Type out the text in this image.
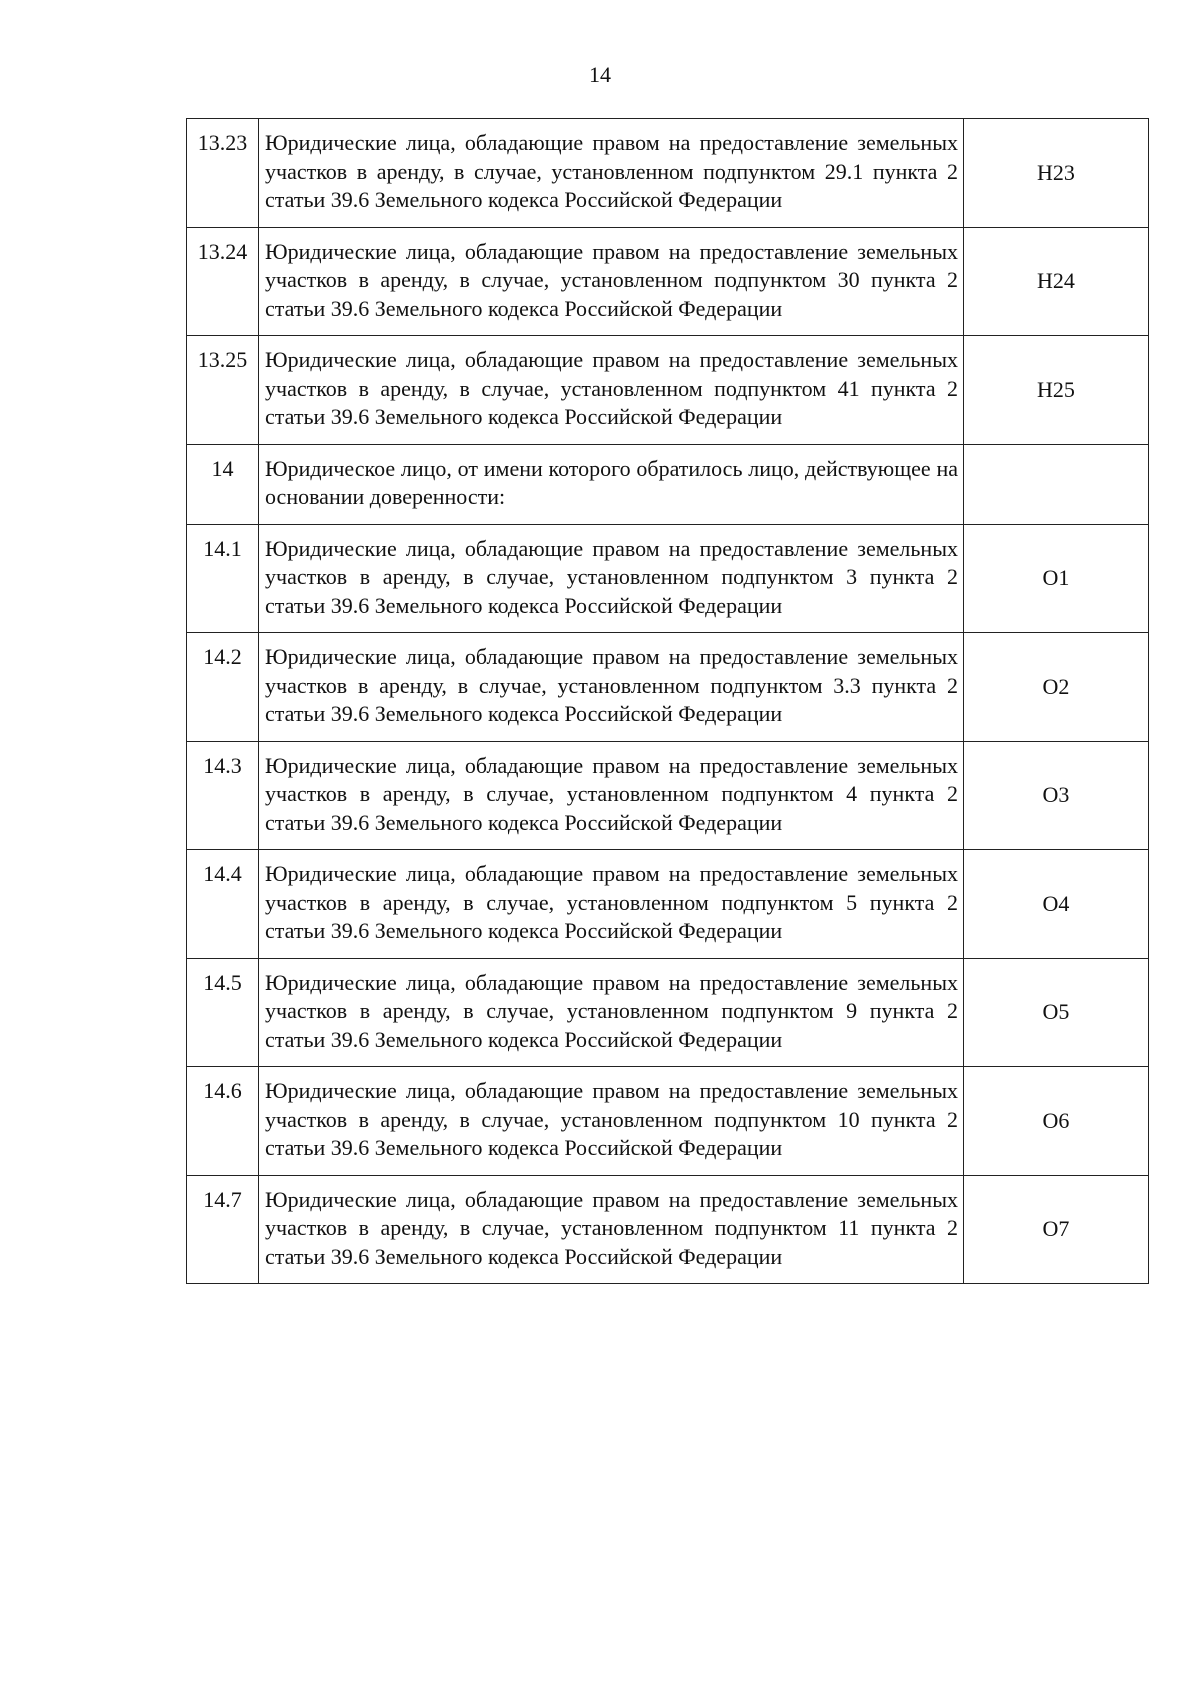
14
13.23	Юридические лица, обладающие правом на предоставление земельных участков в аренду, в случае, установленном подпунктом 29.1 пункта 2 статьи 39.6 Земельного кодекса Российской Федерации	Н23
13.24	Юридические лица, обладающие правом на предоставление земельных участков в аренду, в случае, установленном подпунктом 30 пункта 2 статьи 39.6 Земельного кодекса Российской Федерации	Н24
13.25	Юридические лица, обладающие правом на предоставление земельных участков в аренду, в случае, установленном подпунктом 41 пункта 2 статьи 39.6 Земельного кодекса Российской Федерации	Н25
14	Юридическое лицо, от имени которого обратилось лицо, действующее на основании доверенности:	
14.1	Юридические лица, обладающие правом на предоставление земельных участков в аренду, в случае, установленном подпунктом 3 пункта 2 статьи 39.6 Земельного кодекса Российской Федерации	О1
14.2	Юридические лица, обладающие правом на предоставление земельных участков в аренду, в случае, установленном подпунктом 3.3 пункта 2 статьи 39.6 Земельного кодекса Российской Федерации	О2
14.3	Юридические лица, обладающие правом на предоставление земельных участков в аренду, в случае, установленном подпунктом 4 пункта 2 статьи 39.6 Земельного кодекса Российской Федерации	О3
14.4	Юридические лица, обладающие правом на предоставление земельных участков в аренду, в случае, установленном подпунктом 5 пункта 2 статьи 39.6 Земельного кодекса Российской Федерации	О4
14.5	Юридические лица, обладающие правом на предоставление земельных участков в аренду, в случае, установленном подпунктом 9 пункта 2 статьи 39.6 Земельного кодекса Российской Федерации	О5
14.6	Юридические лица, обладающие правом на предоставление земельных участков в аренду, в случае, установленном подпунктом 10 пункта 2 статьи 39.6 Земельного кодекса Российской Федерации	О6
14.7	Юридические лица, обладающие правом на предоставление земельных участков в аренду, в случае, установленном подпунктом 11 пункта 2 статьи 39.6 Земельного кодекса Российской Федерации	О7
